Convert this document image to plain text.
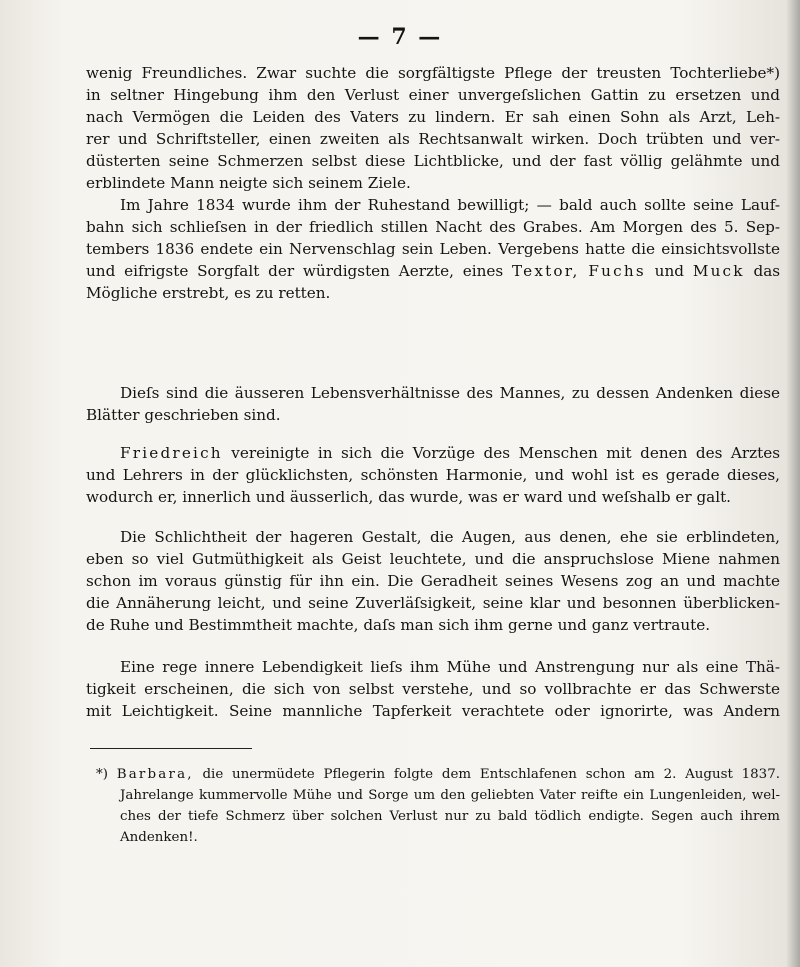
— 7 —
wenig Freundliches. Zwar suchte die sorgfältigste Pflege der treusten Tochterliebe*)
in seltner Hingebung ihm den Verlust einer unvergeſslichen Gattin zu ersetzen und
nach Vermögen die Leiden des Vaters zu lindern. Er sah einen Sohn als Arzt, Leh-
rer und Schriftsteller, einen zweiten als Rechtsanwalt wirken. Doch trübten und ver-
düsterten seine Schmerzen selbst diese Lichtblicke, und der fast völlig gelähmte und
erblindete Mann neigte sich seinem Ziele.
Im Jahre 1834 wurde ihm der Ruhestand bewilligt; — bald auch sollte seine Lauf-
bahn sich schlieſsen in der friedlich stillen Nacht des Grabes. Am Morgen des 5. Sep-
tembers 1836 endete ein Nervenschlag sein Leben. Vergebens hatte die einsichtsvollste
und eifrigste Sorgfalt der würdigsten Aerzte, eines Textor, Fuchs und Muck das
Mögliche erstrebt, es zu retten.
Dieſs sind die äusseren Lebensverhältnisse des Mannes, zu dessen Andenken diese
Blätter geschrieben sind.
Friedreich vereinigte in sich die Vorzüge des Menschen mit denen des Arztes
und Lehrers in der glücklichsten, schönsten Harmonie, und wohl ist es gerade dieses,
wodurch er, innerlich und äusserlich, das wurde, was er ward und weſshalb er galt.
Die Schlichtheit der hageren Gestalt, die Augen, aus denen, ehe sie erblindeten,
eben so viel Gutmüthigkeit als Geist leuchtete, und die anspruchslose Miene nahmen
schon im voraus günstig für ihn ein. Die Geradheit seines Wesens zog an und machte
die Annäherung leicht, und seine Zuverläſsigkeit, seine klar und besonnen überblicken-
de Ruhe und Bestimmtheit machte, daſs man sich ihm gerne und ganz vertraute.
Eine rege innere Lebendigkeit lieſs ihm Mühe und Anstrengung nur als eine Thä-
tigkeit erscheinen, die sich von selbst verstehe, und so vollbrachte er das Schwerste
mit Leichtigkeit. Seine mannliche Tapferkeit verachtete oder ignorirte, was Andern
*) Barbara, die unermüdete Pflegerin folgte dem Entschlafenen schon am 2. August 1837.
Jahrelange kummervolle Mühe und Sorge um den geliebten Vater reifte ein Lungenleiden, wel-
ches der tiefe Schmerz über solchen Verlust nur zu bald tödlich endigte. Segen auch ihrem
Andenken!.
